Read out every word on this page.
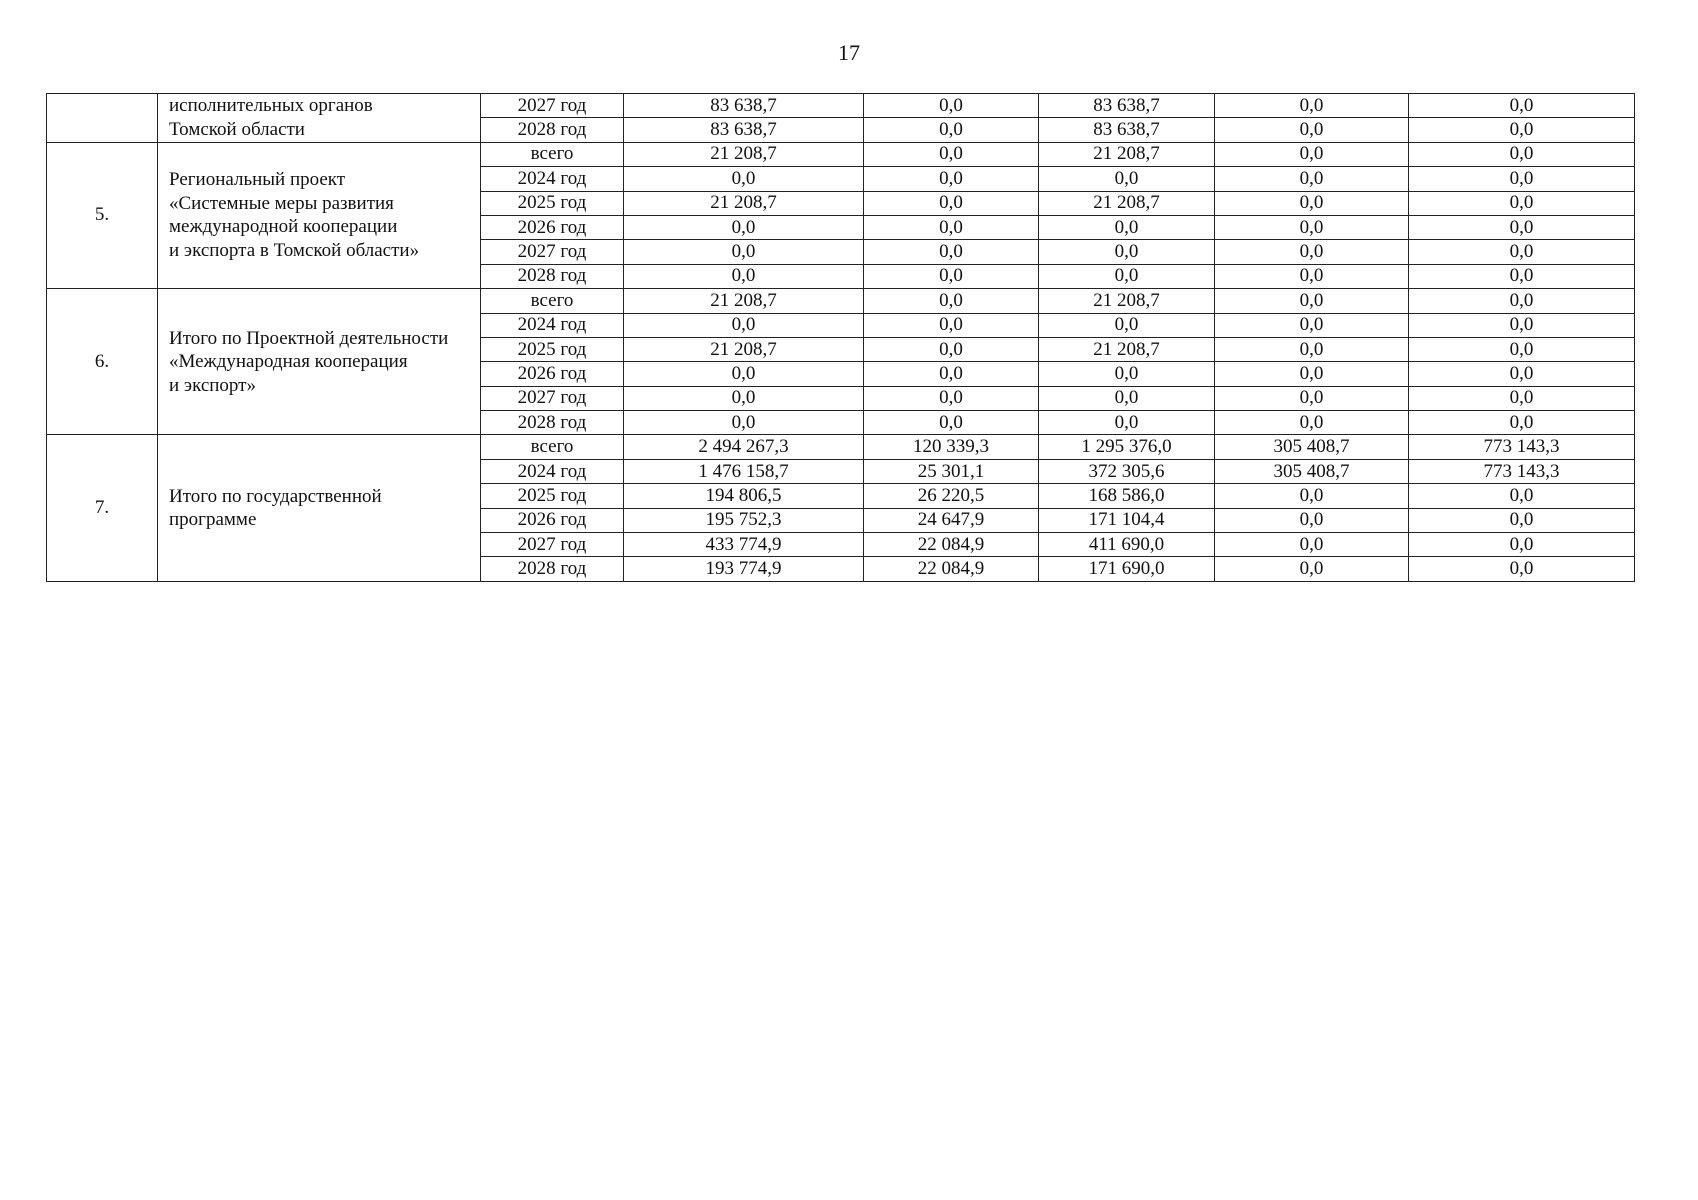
17

	исполнительных органов
Томской области	2027 год	83 638,7	0,0	83 638,7	0,0	0,0
		2028 год	83 638,7	0,0	83 638,7	0,0	0,0
5.	Региональный проект
«Системные меры развития
международной кооперации
и экспорта в Томской области»	всего	21 208,7	0,0	21 208,7	0,0	0,0
		2024 год	0,0	0,0	0,0	0,0	0,0
		2025 год	21 208,7	0,0	21 208,7	0,0	0,0
		2026 год	0,0	0,0	0,0	0,0	0,0
		2027 год	0,0	0,0	0,0	0,0	0,0
		2028 год	0,0	0,0	0,0	0,0	0,0
6.	Итого по Проектной деятельности
«Международная кооперация
и экспорт»	всего	21 208,7	0,0	21 208,7	0,0	0,0
		2024 год	0,0	0,0	0,0	0,0	0,0
		2025 год	21 208,7	0,0	21 208,7	0,0	0,0
		2026 год	0,0	0,0	0,0	0,0	0,0
		2027 год	0,0	0,0	0,0	0,0	0,0
		2028 год	0,0	0,0	0,0	0,0	0,0
7.	Итого по государственной
программе	всего	2 494 267,3	120 339,3	1 295 376,0	305 408,7	773 143,3
		2024 год	1 476 158,7	25 301,1	372 305,6	305 408,7	773 143,3
		2025 год	194 806,5	26 220,5	168 586,0	0,0	0,0
		2026 год	195 752,3	24 647,9	171 104,4	0,0	0,0
		2027 год	433 774,9	22 084,9	411 690,0	0,0	0,0
		2028 год	193 774,9	22 084,9	171 690,0	0,0	0,0
